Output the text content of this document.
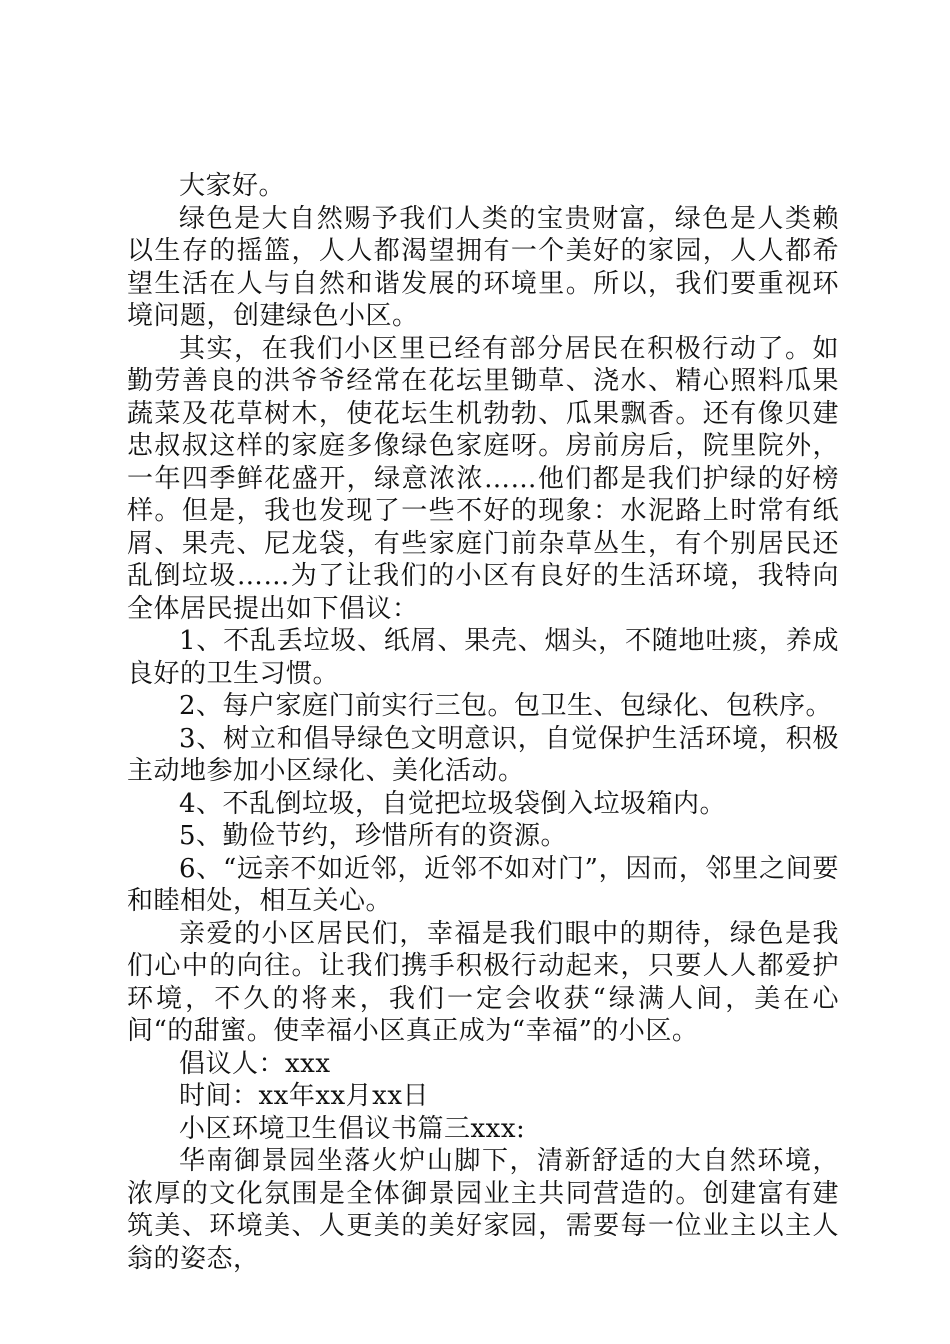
大家好。

绿色是大自然赐予我们人类的宝贵财富，绿色是人类赖以生存的摇篮，人人都渴望拥有一个美好的家园，人人都希望生活在人与自然和谐发展的环境里。所以，我们要重视环境问题，创建绿色小区。

其实，在我们小区里已经有部分居民在积极行动了。如勤劳善良的洪爷爷经常在花坛里锄草、浇水、精心照料瓜果蔬菜及花草树木，使花坛生机勃勃、瓜果飘香。还有像贝建忠叔叔这样的家庭多像绿色家庭呀。房前房后，院里院外，一年四季鲜花盛开，绿意浓浓……他们都是我们护绿的好榜样。但是，我也发现了一些不好的现象：水泥路上时常有纸屑、果壳、尼龙袋，有些家庭门前杂草丛生，有个别居民还乱倒垃圾……为了让我们的小区有良好的生活环境，我特向全体居民提出如下倡议：

1、不乱丢垃圾、纸屑、果壳、烟头，不随地吐痰，养成良好的卫生习惯。

2、每户家庭门前实行三包。包卫生、包绿化、包秩序。

3、树立和倡导绿色文明意识，自觉保护生活环境，积极主动地参加小区绿化、美化活动。

4、不乱倒垃圾，自觉把垃圾袋倒入垃圾箱内。

5、勤俭节约，珍惜所有的资源。

6、“远亲不如近邻，近邻不如对门”，因而，邻里之间要和睦相处，相互关心。

亲爱的小区居民们，幸福是我们眼中的期待，绿色是我们心中的向往。让我们携手积极行动起来，只要人人都爱护环境，不久的将来，我们一定会收获“绿满人间，美在心间“的甜蜜。使幸福小区真正成为“幸福”的小区。

倡议人：xxx

时间：xx年xx月xx日

小区环境卫生倡议书篇三xxx:

华南御景园坐落火炉山脚下，清新舒适的大自然环境，浓厚的文化氛围是全体御景园业主共同营造的。创建富有建筑美、环境美、人更美的美好家园，需要每一位业主以主人翁的姿态，
